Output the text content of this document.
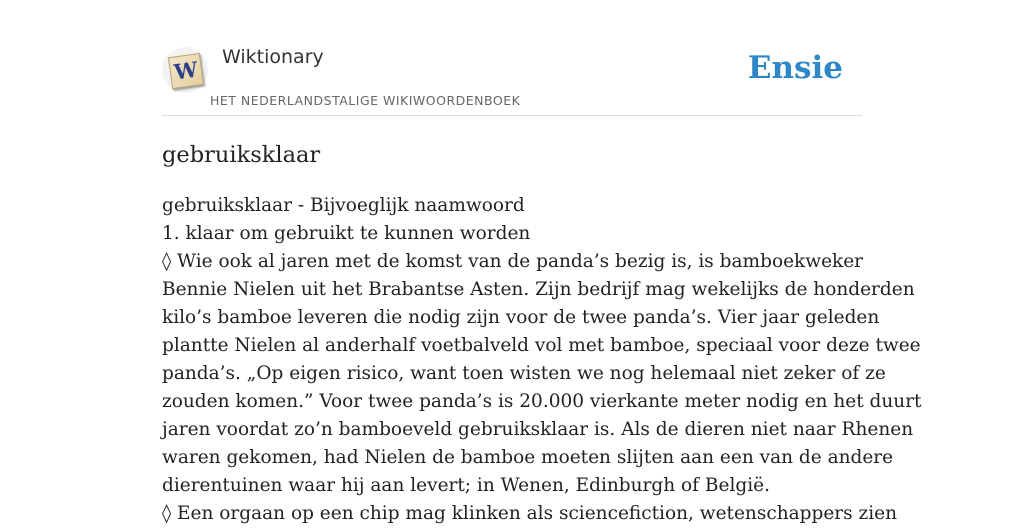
W Wiktionary
HET NEDERLANDSTALIGE WIKIWOORDENBOEK
Ensie
gebruiksklaar
gebruiksklaar - Bijvoeglijk naamwoord
1. klaar om gebruikt te kunnen worden
◊ Wie ook al jaren met de komst van de panda’s bezig is, is bamboekweker
Bennie Nielen uit het Brabantse Asten. Zijn bedrijf mag wekelijks de honderden
kilo’s bamboe leveren die nodig zijn voor de twee panda’s. Vier jaar geleden
plantte Nielen al anderhalf voetbalveld vol met bamboe, speciaal voor deze twee
panda’s. „Op eigen risico, want toen wisten we nog helemaal niet zeker of ze
zouden komen.” Voor twee panda’s is 20.000 vierkante meter nodig en het duurt
jaren voordat zo’n bamboeveld gebruiksklaar is. Als de dieren niet naar Rhenen
waren gekomen, had Nielen de bamboe moeten slijten aan een van de andere
dierentuinen waar hij aan levert; in Wenen, Edinburgh of België.
◊ Een orgaan op een chip mag klinken als sciencefiction, wetenschappers zien
